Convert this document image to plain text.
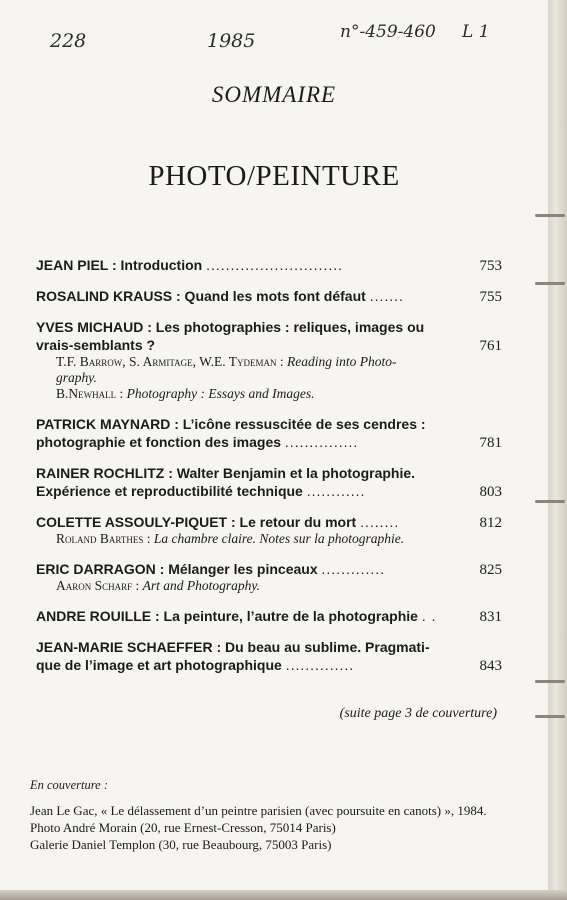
228	1985	n°-459-460 L 1
SOMMAIRE
PHOTO/PEINTURE
JEAN PIEL : Introduction ............................	753
ROSALIND KRAUSS : Quand les mots font défaut .......	755
YVES MICHAUD : Les photographies : reliques, images ou
vrais-semblants ?	761
T.F. Barrow, S. Armitage, W.E. Tydeman : Reading into Photo-
graphy.
B.Newhall : Photography : Essays and Images.
PATRICK MAYNARD : L’icône ressuscitée de ses cendres :
photographie et fonction des images ...............	781
RAINER ROCHLITZ : Walter Benjamin et la photographie.
Expérience et reproductibilité technique ............	803
COLETTE ASSOULY-PIQUET : Le retour du mort ........	812
Roland Barthes : La chambre claire. Notes sur la photographie.
ERIC DARRAGON : Mélanger les pinceaux .............	825
Aaron Scharf : Art and Photography.
ANDRE ROUILLE : La peinture, l’autre de la photographie . .	831
JEAN-MARIE SCHAEFFER : Du beau au sublime. Pragmati-
que de l’image et art photographique ..............	843
(suite page 3 de couverture)
En couverture :
Jean Le Gac, « Le délassement d’un peintre parisien (avec poursuite en canots) », 1984.
Photo André Morain (20, rue Ernest-Cresson, 75014 Paris)
Galerie Daniel Templon (30, rue Beaubourg, 75003 Paris)
